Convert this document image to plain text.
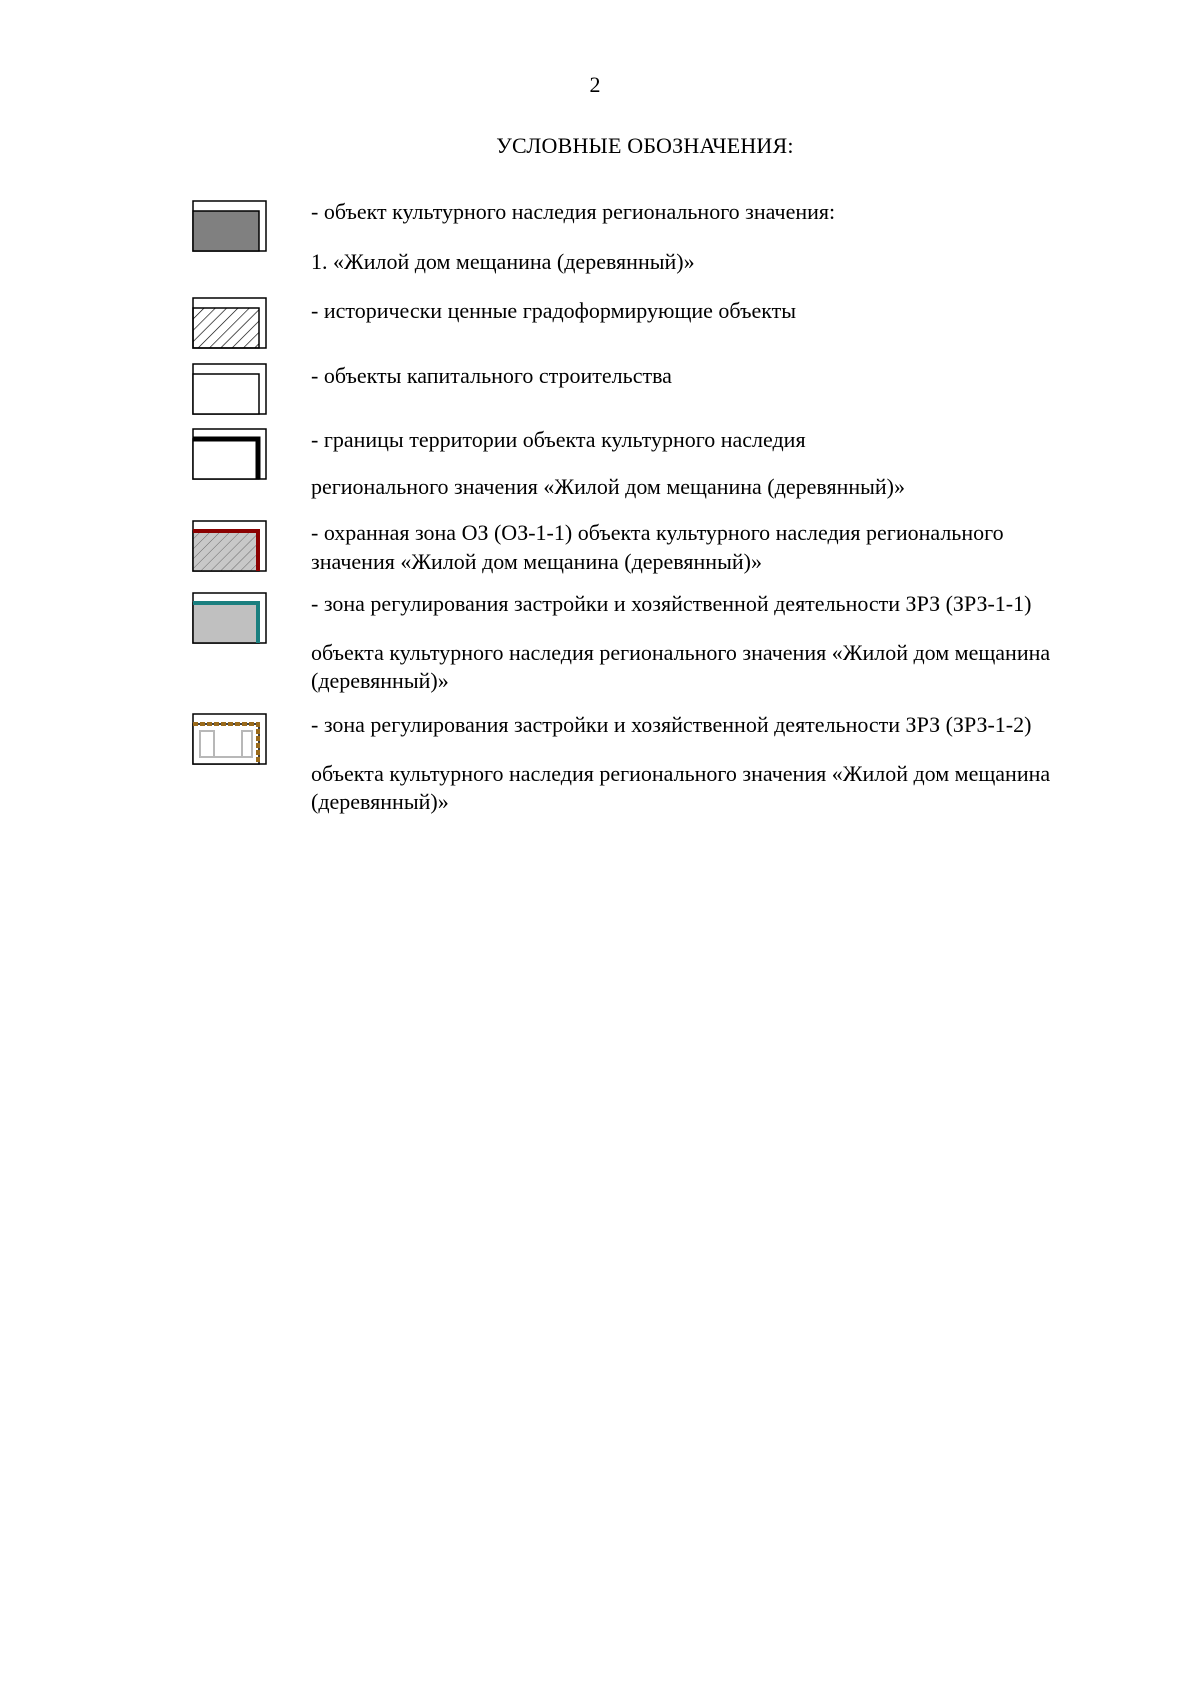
2
УСЛОВНЫЕ ОБОЗНАЧЕНИЯ:
- объект культурного наследия регионального значения:
1. «Жилой дом мещанина (деревянный)»
- исторически ценные градоформирующие объекты
- объекты капитального строительства
- границы территории объекта культурного наследия
регионального значения «Жилой дом мещанина (деревянный)»
- охранная зона ОЗ (ОЗ-1-1) объекта культурного наследия регионального
значения «Жилой дом мещанина (деревянный)»
- зона регулирования застройки и хозяйственной деятельности ЗРЗ (ЗРЗ-1-1)
объекта культурного наследия регионального значения «Жилой дом мещанина
(деревянный)»
- зона регулирования застройки и хозяйственной деятельности ЗРЗ (ЗРЗ-1-2)
объекта культурного наследия регионального значения «Жилой дом мещанина
(деревянный)»
